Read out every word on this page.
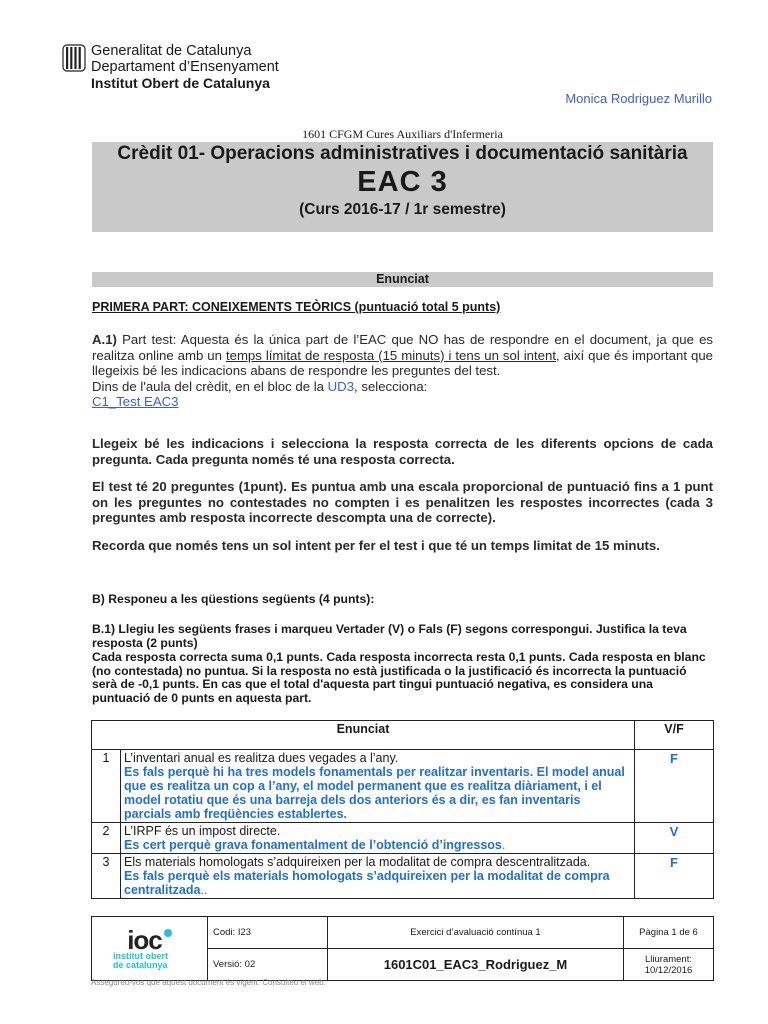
Generalitat de Catalunya
Departament d’Ensenyament
Institut Obert de Catalunya
Monica Rodriguez Murillo
1601 CFGM Cures Auxiliars d'Infermeria
Crèdit 01- Operacions administratives i documentació sanitària
EAC 3
(Curs 2016-17 / 1r semestre)
Enunciat
PRIMERA PART: CONEIXEMENTS TEÒRICS (puntuació total 5 punts)
A.1) Part test: Aquesta és la única part de l’EAC que NO has de respondre en el document, ja que es realitza online amb un temps límitat de resposta (15 minuts) i tens un sol intent, així que és important que llegeixis bé les indicacions abans de respondre les preguntes del test.
Dins de l'aula del crèdit, en el bloc de la UD3, selecciona:
C1_Test EAC3
Llegeix bé les indicacions i selecciona la resposta correcta de les diferents opcions de cada pregunta. Cada pregunta només té una resposta correcta.
El test té 20 preguntes (1punt). Es puntua amb una escala proporcional de puntuació fins a 1 punt on les preguntes no contestades no compten i es penalitzen les respostes incorrectes (cada 3 preguntes amb resposta incorrecte descompta una de correcte).
Recorda que només tens un sol intent per fer el test i que té un temps limitat de 15 minuts.
B) Responeu a les qüestions següents (4 punts):
B.1) Llegiu les següents frases i marqueu Vertader (V) o Fals (F) segons correspongui. Justifica la teva resposta (2 punts)
Cada resposta correcta suma 0,1 punts. Cada resposta incorrecta resta 0,1 punts. Cada resposta en blanc (no contestada) no puntua. Si la resposta no està justificada o la justificació és incorrecta la puntuació serà de -0,1 punts. En cas que el total d'aquesta part tingui puntuació negativa, es considera una puntuació de 0 punts en aquesta part.
Enunciat		V/F
1	L’inventari anual es realitza dues vegades a l’any.
Es fals perquè hi ha tres models fonamentals per realitzar inventaris. El model anual que es realitza un cop a l’any, el model permanent que es realitza diàriament, i el model rotatiu que és una barreja dels dos anteriors és a dir, es fan inventaris parcials amb freqüències establertes.	F
2	L’IRPF és un impost directe.
Es cert perquè grava fonamentalment de l’obtenció d’ingressos.	V
3	Els materials homologats s’adquireixen per la modalitat de compra descentralitzada.
Es fals perquè els materials homologats s’adquireixen per la modalitat de compra centralitzada..	F
ioc
institut obert
de catalunya	Codi: I23	Exercici d’avaluació contínua 1	Pàgina 1 de 6
	Versió: 02	1601C01_EAC3_Rodriguez_M	Lliurament:
10/12/2016
Assegureu-vos que aquest document és vigent. Consulteu el web.
